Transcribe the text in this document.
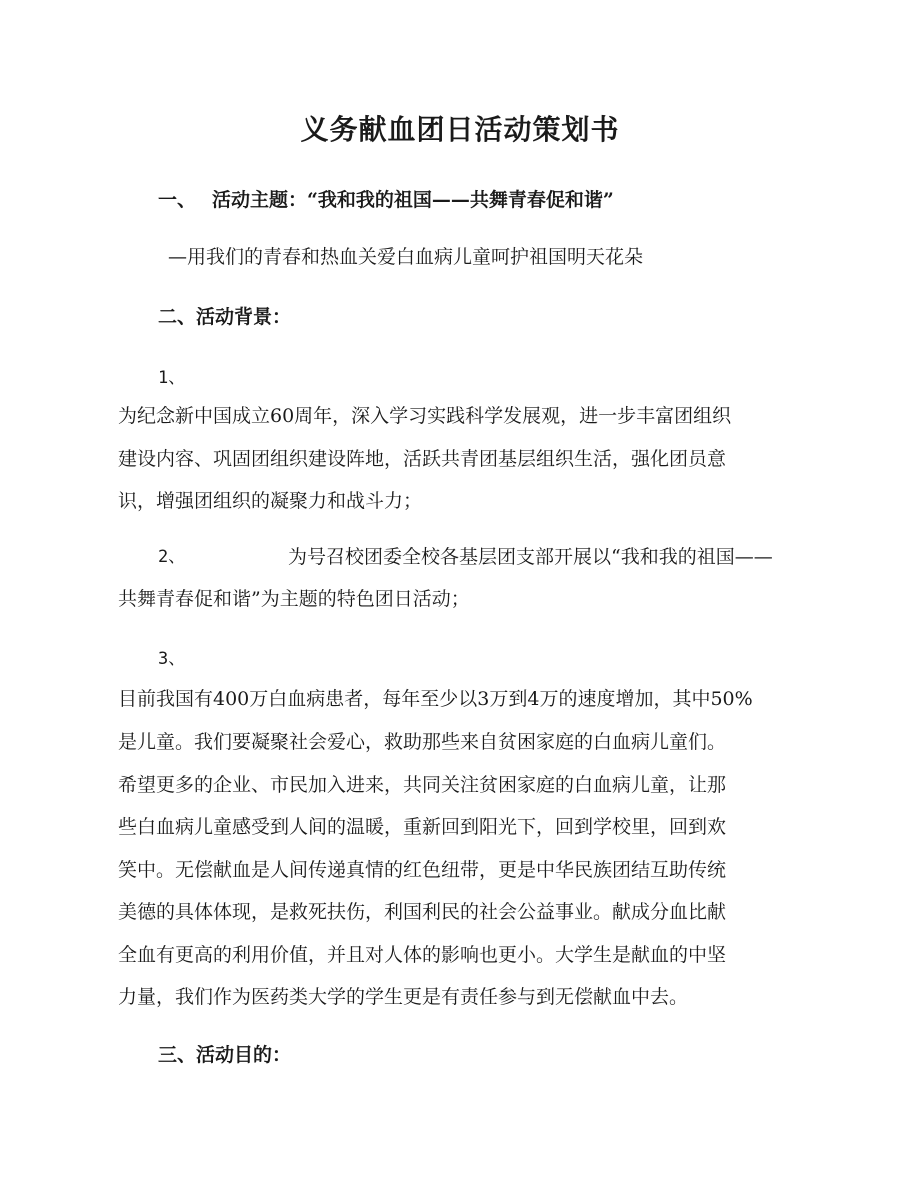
义务献血团日活动策划书
一、 活动主题：“我和我的祖国——共舞青春促和谐”
—用我们的青春和热血关爱白血病儿童呵护祖国明天花朵
二、活动背景：
1、
为纪念新中国成立60周年，深入学习实践科学发展观，进一步丰富团组织
建设内容、巩固团组织建设阵地，活跃共青团基层组织生活，强化团员意
识，增强团组织的凝聚力和战斗力；
2、	为号召校团委全校各基层团支部开展以“我和我的祖国——
共舞青春促和谐”为主题的特色团日活动；
3、
目前我国有400万白血病患者，每年至少以3万到4万的速度增加，其中50%
是儿童。我们要凝聚社会爱心，救助那些来自贫困家庭的白血病儿童们。
希望更多的企业、市民加入进来，共同关注贫困家庭的白血病儿童，让那
些白血病儿童感受到人间的温暖，重新回到阳光下，回到学校里，回到欢
笑中。无偿献血是人间传递真情的红色纽带，更是中华民族团结互助传统
美德的具体体现，是救死扶伤，利国利民的社会公益事业。献成分血比献
全血有更高的利用价值，并且对人体的影响也更小。大学生是献血的中坚
力量，我们作为医药类大学的学生更是有责任参与到无偿献血中去。
三、活动目的：
